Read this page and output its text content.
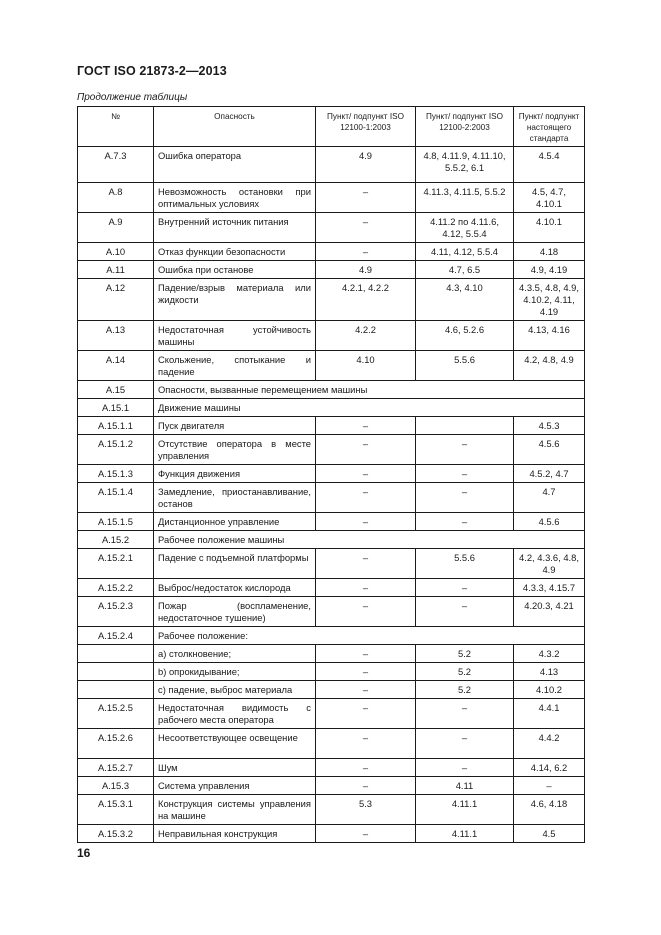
ГОСТ ISO 21873-2—2013
Продолжение таблицы
№	Опасность	Пункт/ подпункт ISO 12100-1:2003	Пункт/ подпункт ISO 12100-2:2003	Пункт/ подпункт настоящего стандарта
А.7.3	Ошибка оператора	4.9	4.8, 4.11.9, 4.11.10, 5.5.2, 6.1	4.5.4
А.8	Невозможность остановки при оптимальных условиях	–	4.11.3, 4.11.5, 5.5.2	4.5, 4.7, 4.10.1
А.9	Внутренний источник питания	–	4.11.2 по 4.11.6, 4.12, 5.5.4	4.10.1
А.10	Отказ функции безопасности	–	4.11, 4.12, 5.5.4	4.18
А.11	Ошибка при останове	4.9	4.7, 6.5	4.9, 4.19
А.12	Падение/взрыв материала или жидкости	4.2.1, 4.2.2	4.3, 4.10	4.3.5, 4.8, 4.9, 4.10.2, 4.11, 4.19
А.13	Недостаточная устойчивость машины	4.2.2	4.6, 5.2.6	4.13, 4.16
А.14	Скольжение, спотыкание и падение	4.10	5.5.6	4.2, 4.8, 4.9
А.15	Опасности, вызванные перемещением машины			
А.15.1	Движение машины			
А.15.1.1	Пуск двигателя	–		4.5.3
А.15.1.2	Отсутствие оператора в месте управления	–	–	4.5.6
А.15.1.3	Функция движения	–	–	4.5.2, 4.7
А.15.1.4	Замедление, приостанавливание, останов	–	–	4.7
А.15.1.5	Дистанционное управление	–	–	4.5.6
А.15.2	Рабочее положение машины			
А.15.2.1	Падение с подъемной платформы	–	5.5.6	4.2, 4.3.6, 4.8, 4.9
А.15.2.2	Выброс/недостаток кислорода	–	–	4.3.3, 4.15.7
А.15.2.3	Пожар (воспламенение, недостаточное тушение)	–	–	4.20.3, 4.21
А.15.2.4	Рабочее положение:			
	a) столкновение;	–	5.2	4.3.2
	b) опрокидывание;	–	5.2	4.13
	c) падение, выброс материала	–	5.2	4.10.2
А.15.2.5	Недостаточная видимость с рабочего места оператора	–	–	4.4.1
А.15.2.6	Несоответствующее освещение	–	–	4.4.2
А.15.2.7	Шум	–	–	4.14, 6.2
А.15.3	Система управления	–	4.11	–
А.15.3.1	Конструкция системы управления на машине	5.3	4.11.1	4.6, 4.18
А.15.3.2	Неправильная конструкция	–	4.11.1	4.5
16
